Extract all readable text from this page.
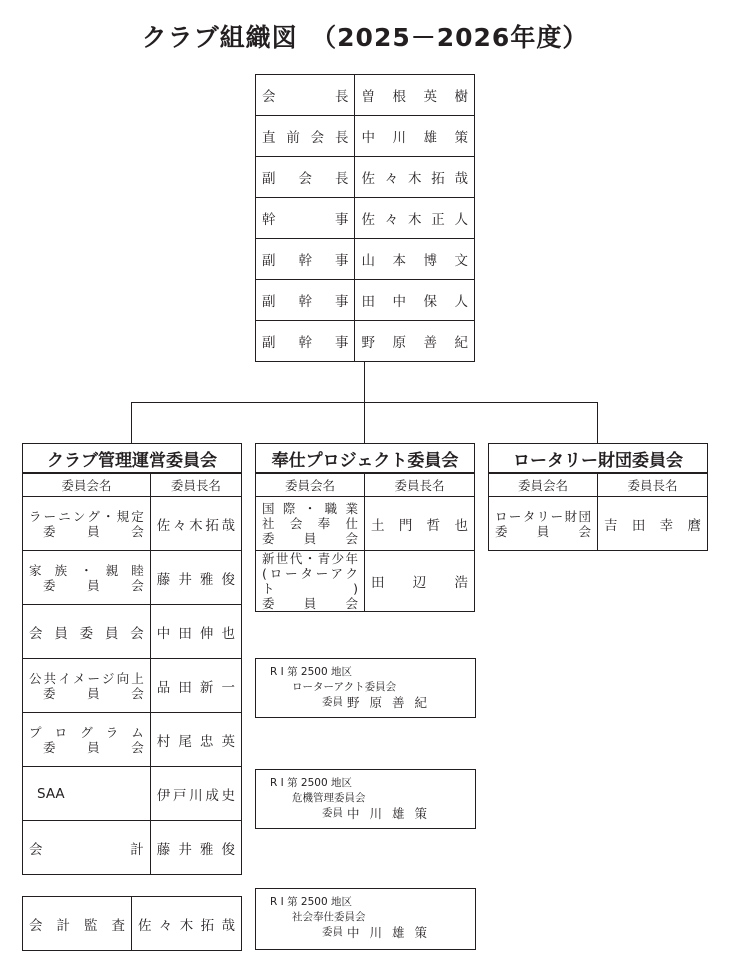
クラブ組織図　（2025－2026年度）
会長	曽根英樹
直前会長	中川雄策
副会長	佐々木拓哉
幹事	佐々木正人
副幹事	山本博文
副幹事	田中保人
副幹事	野原善紀
クラブ管理運営委員会	
委員会名	委員長名

ラーニング・規定
委員会	佐々木拓哉

家族・親睦
委員会	藤井雅俊
会員委員会	中田伸也

公共イメージ向上
委員会	品田新一

プログラム
委員会	村尾忠英
SAA	伊戸川成史
会計	藤井雅俊
会計監査	佐々木拓哉
奉仕プロジェクト委員会	
委員会名	委員長名

国際・職業
社会奉仕
委員会	土門哲也

新世代・青少年
(ローターアクト)
委員会	田辺浩
ロータリー財団委員会	
委員会名	委員長名

ロータリー財団
委員会	吉田幸麿
R I 第 2500 地区
ローターアクト委員会
委員 野原善紀
R I 第 2500 地区
危機管理委員会
委員 中川雄策
R I 第 2500 地区
社会奉仕委員会
委員 中川雄策
